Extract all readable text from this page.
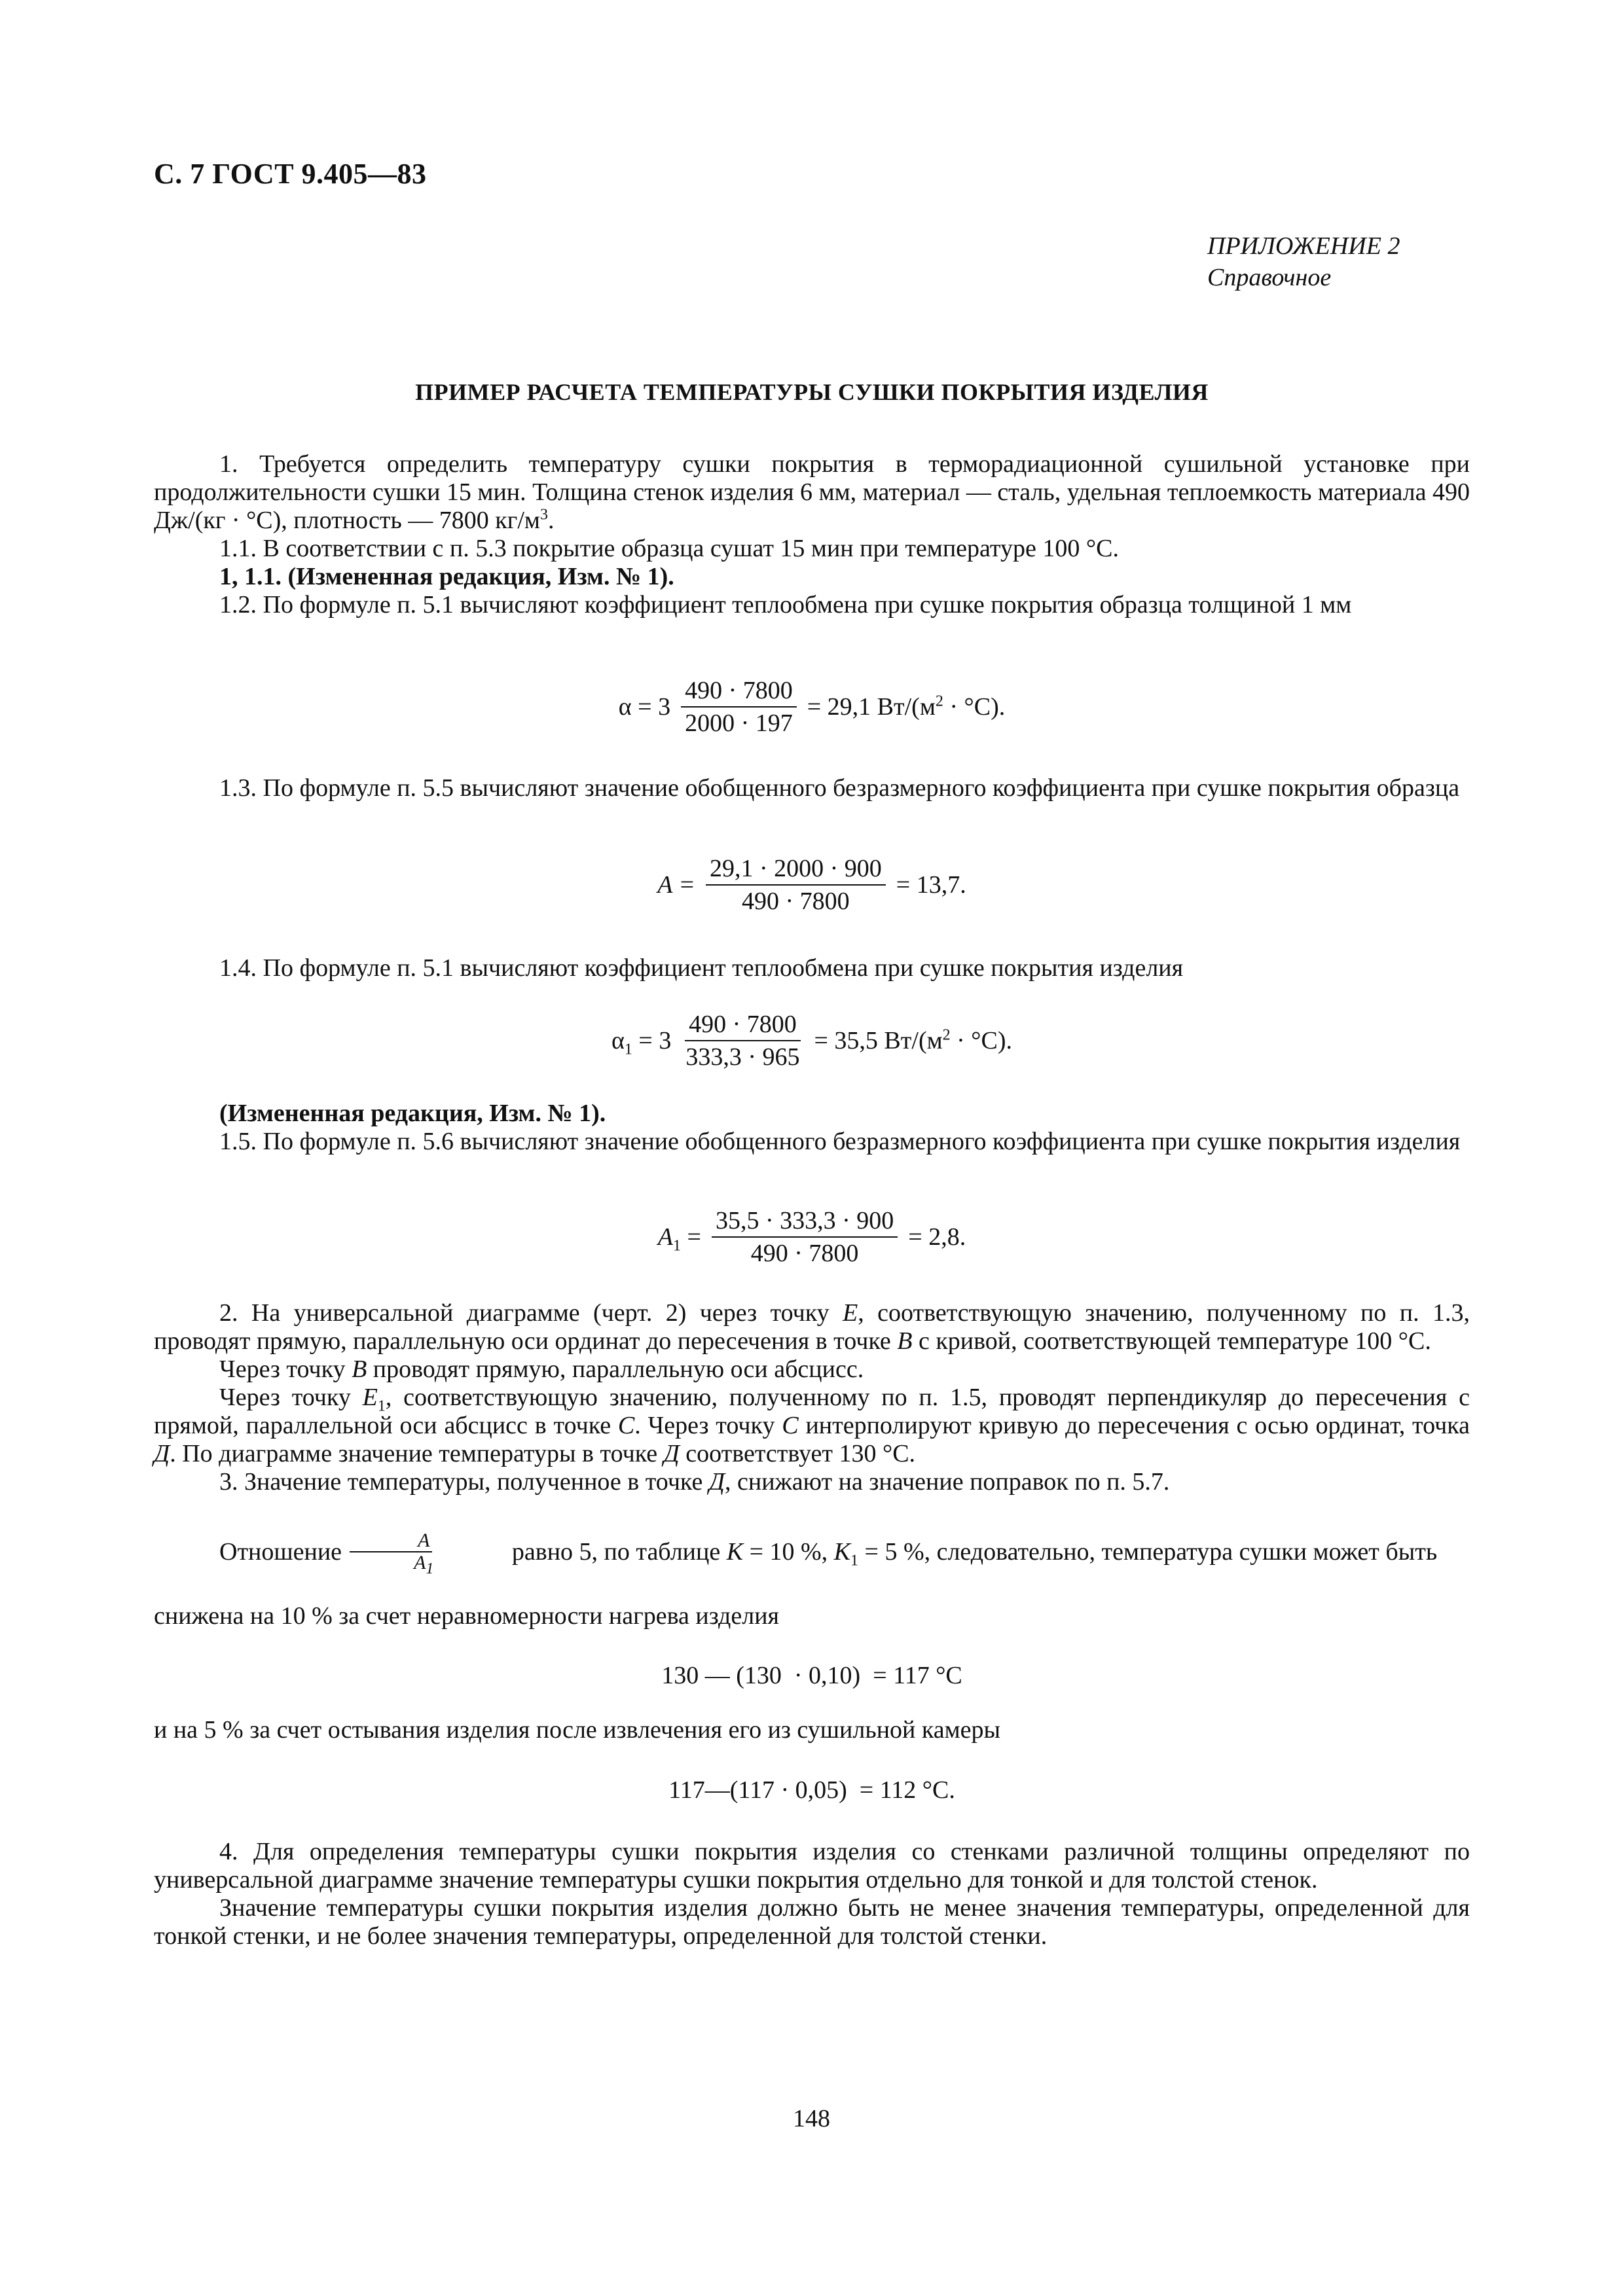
С. 7 ГОСТ 9.405—83
ПРИЛОЖЕНИЕ 2
Справочное
ПРИМЕР РАСЧЕТА ТЕМПЕРАТУРЫ СУШКИ ПОКРЫТИЯ ИЗДЕЛИЯ

1. Требуется определить температуру сушки покрытия в терморадиационной сушильной установке при продолжительности сушки 15 мин. Толщина стенок изделия 6 мм, материал — сталь, удельная теплоемкость материала 490 Дж/(кг · °С), плотность — 7800 $кг/м^3$.

1.1. В соответствии с п. 5.3 покрытие образца сушат 15 мин при температуре 100 °С.

1, 1.1. (Измененная редакция, Изм. № 1).

1.2. По формуле п. 5.1 вычисляют коэффициент теплообмена при сушке покрытия образца толщиной 1 мм

$\alpha = 3 \frac{490 \cdot 7800}{2000 \cdot 197} = 29,1$ $Вт/(м^2 \cdot ^\circ С)$.

1.3. По формуле п. 5.5 вычисляют значение обобщенного безразмерного коэффициента при сушке покрытия образца

$A = \frac{29,1 \cdot 2000 \cdot 900}{490 \cdot 7800} = 13,7$.

1.4. По формуле п. 5.1 вычисляют коэффициент теплообмена при сушке покрытия изделия

$\alpha_1 = 3 \frac{490 \cdot 7800}{333,3 \cdot 965} = 35,5$ $Вт/(м^2 \cdot ^\circ С)$.

(Измененная редакция, Изм. № 1).

1.5. По формуле п. 5.6 вычисляют значение обобщенного безразмерного коэффициента при сушке покрытия изделия

$A_1 = \frac{35,5 \cdot 333,3 \cdot 900}{490 \cdot 7800} = 2,8$.

2. На универсальной диаграмме (черт. 2) через точку E, соответствующую значению, полученному по п. 1.3, проводят прямую, параллельную оси ординат до пересечения в точке B с кривой, соответствующей температуре 100 °С.

Через точку B проводят прямую, параллельную оси абсцисс.

Через точку $E_1$, соответствующую значению, полученному по п. 1.5, проводят перпендикуляр до пересечения с прямой, параллельной оси абсцисс в точке C. Через точку C интерполируют кривую до пересечения с осью ординат, точка Д. По диаграмме значение температуры в точке Д соответствует 130 °С.

3. Значение температуры, полученное в точке Д, снижают на значение поправок по п. 5.7.

Отношение $\frac{A}{A_1}$	равно 5, по таблице K = 10 %, $K_1 = 5$ %, следовательно, температура сушки может быть

снижена на 10 % за счет неравномерности нагрева изделия

130 — (130  · 0,10)  = 117 °С

и на 5 % за счет остывания изделия после извлечения его из сушильной камеры

117—(117 · 0,05)  = 112 °С.

4. Для определения температуры сушки покрытия изделия со стенками различной толщины определяют по универсальной диаграмме значение температуры сушки покрытия отдельно для тонкой и для толстой стенок.

Значение температуры сушки покрытия изделия должно быть не менее значения температуры, определенной для тонкой стенки, и не более значения температуры, определенной для толстой стенки.

148
